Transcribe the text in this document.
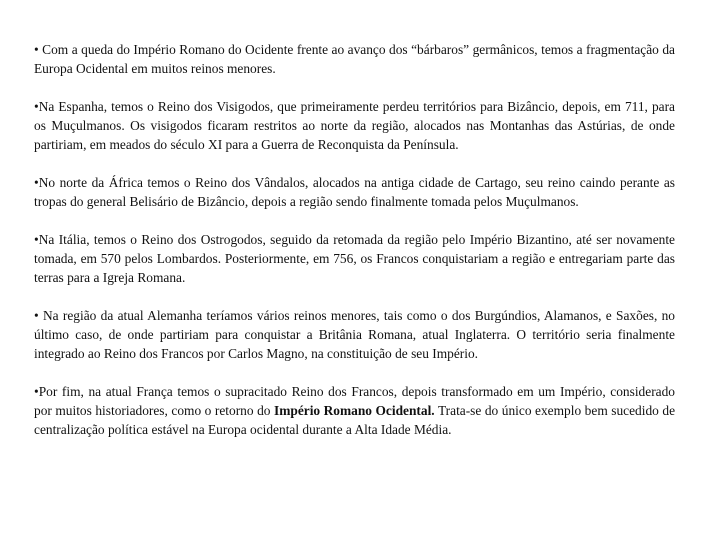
• Com a queda do Império Romano do Ocidente frente ao avanço dos “bárbaros” germânicos, temos a fragmentação da Europa Ocidental em muitos reinos menores.

•Na Espanha, temos o Reino dos Visigodos, que primeiramente perdeu territórios para Bizâncio, depois, em 711, para os Muçulmanos. Os visigodos ficaram restritos ao norte da região, alocados nas Montanhas das Astúrias, de onde partiriam, em meados do século XI para a Guerra de Reconquista da Península.

•No norte da África temos o Reino dos Vândalos, alocados na antiga cidade de Cartago, seu reino caindo perante as tropas do general Belisário de Bizâncio, depois a região sendo finalmente tomada pelos Muçulmanos.

•Na Itália, temos o Reino dos Ostrogodos, seguido da retomada da região pelo Império Bizantino, até ser novamente tomada, em 570 pelos Lombardos. Posteriormente, em 756, os Francos conquistariam a região e entregariam parte das terras para a Igreja Romana.

• Na região da atual Alemanha teríamos vários reinos menores, tais como o dos Burgúndios, Alamanos, e Saxões, no último caso, de onde partiriam para conquistar a Britânia Romana, atual Inglaterra. O território seria finalmente integrado ao Reino dos Francos por Carlos Magno, na constituição de seu Império.

•Por fim, na atual França temos o supracitado Reino dos Francos, depois transformado em um Império, considerado por muitos historiadores, como o retorno do Império Romano Ocidental. Trata-se do único exemplo bem sucedido de centralização política estável na Europa ocidental durante a Alta Idade Média.
